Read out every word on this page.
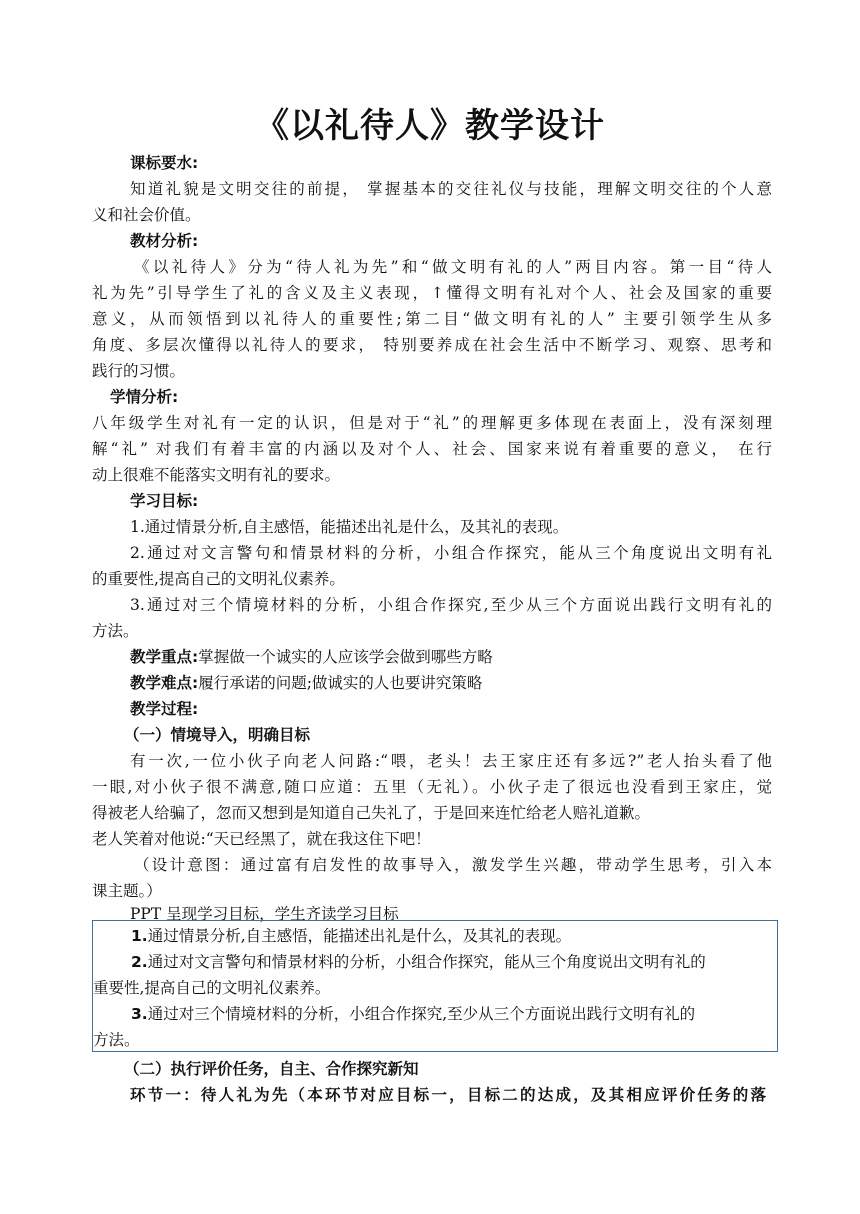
《以礼待人》教学设计
课标要水:
知道礼貌是文明交往的前提， 掌握基本的交往礼仪与技能，理解文明交往的个人意
义和社会价值。
教材分析:
《以礼待人》分为“待人礼为先”和“做文明有礼的人”两目内容。第一目“待人
礼为先”引导学生了礼的含义及主义表现，↑懂得文明有礼对个人、社会及国家的重要
意义，从而领悟到以礼待人的重要性;第二目“做文明有礼的人” 主要引领学生从多
角度、多层次懂得以礼待人的要求， 特别要养成在社会生活中不断学习、观察、思考和
践行的习惯。
学情分析:
八年级学生对礼有一定的认识，但是对于“礼”的理解更多体现在表面上，没有深刻理
解“礼” 对我们有着丰富的内涵以及对个人、社会、国家来说有着重要的意义， 在行
动上很难不能落实文明有礼的要求。
学习目标:
1.通过情景分析,自主感悟，能描述出礼是什么，及其礼的表现。
2.通过对文言警句和情景材料的分析，小组合作探究，能从三个角度说出文明有礼
的重要性,提高自己的文明礼仪素养。
3.通过对三个情境材料的分析，小组合作探究,至少从三个方面说出践行文明有礼的
方法。
教学重点:掌握做一个诚实的人应该学会做到哪些方略
教学难点:履行承诺的问题;做诚实的人也要讲究策略
教学过程:
（一）情境导入，明确目标
有一次,一位小伙子向老人问路:“喂，老头！去王家庄还有多远?”老人抬头看了他
一眼,对小伙子很不满意,随口应道：五里（无礼）。小伙子走了很远也没看到王家庄，觉
得被老人给骗了，忽而又想到是知道自己失礼了，于是回来连忙给老人赔礼道歉。
老人笑着对他说:“天已经黑了，就在我这住下吧！
（设计意图：通过富有启发性的故事导入，激发学生兴趣，带动学生思考，引入本
课主题。）
PPT 呈现学习目标，学生齐读学习目标
1.通过情景分析,自主感悟，能描述出礼是什么，及其礼的表现。
2.通过对文言警句和情景材料的分析，小组合作探究，能从三个角度说出文明有礼的
重要性,提高自己的文明礼仪素养。
3.通过对三个情境材料的分析，小组合作探究,至少从三个方面说出践行文明有礼的
方法。
（二）执行评价任务，自主、合作探究新知
环节一：待人礼为先（本环节对应目标一，目标二的达成，及其相应评价任务的落
